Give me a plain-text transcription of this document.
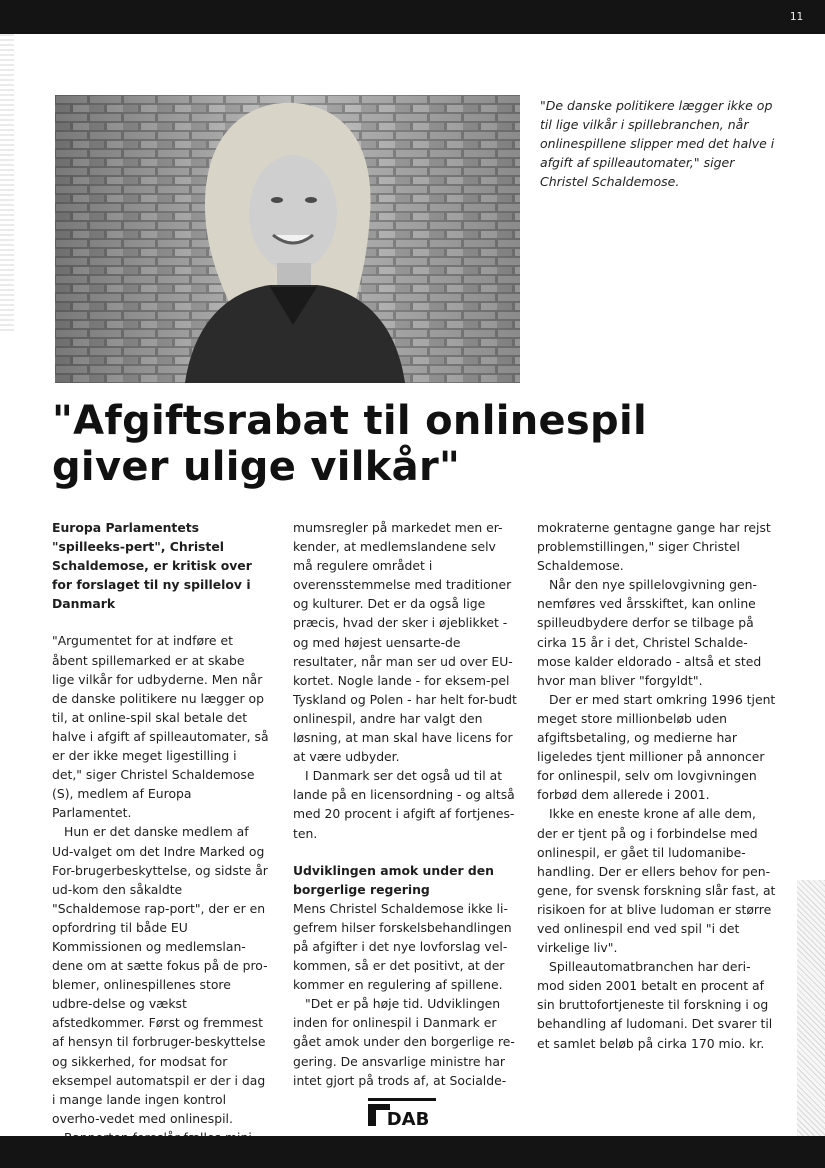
11
"De danske politikere lægger ikke op til lige vilkår i spillebranchen, når onlinespillene slipper med det halve i afgift af spilleautomater," siger Christel Schaldemose.
"Afgiftsrabat til onlinespil
giver ulige vilkår"

Europa Parlamentets "spilleeks-pert", Christel Schaldemose, er kritisk over for forslaget til ny spillelov i Danmark

"Argumentet for at indføre et åbent spillemarked er at skabe lige vilkår for udbyderne. Men når de danske politikere nu lægger op til, at online-spil skal betale det halve i afgift af spilleautomater, så er der ikke meget ligestilling i det," siger Christel Schaldemose (S), medlem af Europa Parlamentet.

Hun er det danske medlem af Ud-valget om det Indre Marked og For-brugerbeskyttelse, og sidste år ud-kom den såkaldte "Schaldemose rap-port", der er en opfordring til både EU Kommissionen og medlemslan-dene om at sætte fokus på de pro-blemer, onlinespillenes store udbre-delse og vækst afstedkommer. Først og fremmest af hensyn til forbruger-beskyttelse og sikkerhed, for modsat for eksempel automatspil er der i dag i mange lande ingen kontrol overho-vedet med onlinespil.

mumsregler på markedet men er-kender, at medlemslandene selv må regulere området i overensstemmelse med traditioner og kulturer. Det er da også lige præcis, hvad der sker i øjeblikket - og med højest uensarte-de resultater, når man ser ud over EU-kortet. Nogle lande - for eksem-pel Tyskland og Polen - har helt for-budt onlinespil, andre har valgt den løsning, at man skal have licens for at være udbyder.

I Danmark ser det også ud til at lande på en licensordning - og altså med 20 procent i afgift af fortjenes-ten.

Udviklingen amok under den borgerlige regering

Mens Christel Schaldemose ikke li-gefrem hilser forskelsbehandlingen på afgifter i det nye lovforslag vel-kommen, så er det positivt, at der kommer en regulering af spillene.

"Det er på høje tid. Udviklingen inden for onlinespil i Danmark er gået amok under den borgerlige re-gering. De ansvarlige ministre har intet gjort på trods af, at Socialde-

mokraterne gentagne gange har rejst problemstillingen," siger Christel Schaldemose.

Når den nye spillelovgivning gen-nemføres ved årsskiftet, kan online spilleudbydere derfor se tilbage på cirka 15 år i det, Christel Schalde-mose kalder eldorado - altså et sted hvor man bliver "forgyldt".

Der er med start omkring 1996 tjent meget store millionbeløb uden afgiftsbetaling, og medierne har ligeledes tjent millioner på annoncer for onlinespil, selv om lovgivningen forbød dem allerede i 2001.

Ikke en eneste krone af alle dem, der er tjent på og i forbindelse med onlinespil, er gået til ludomanibe-handling. Der er ellers behov for pen-gene, for svensk forskning slår fast, at risikoen for at blive ludoman er større ved onlinespil end ved spil "i det virkelige liv".

Spilleautomatbranchen har deri-mod siden 2001 betalt en procent af sin bruttofortjeneste til forskning i og behandling af ludomani. Det svarer til et samlet beløb på cirka 170 mio. kr.

DAB
